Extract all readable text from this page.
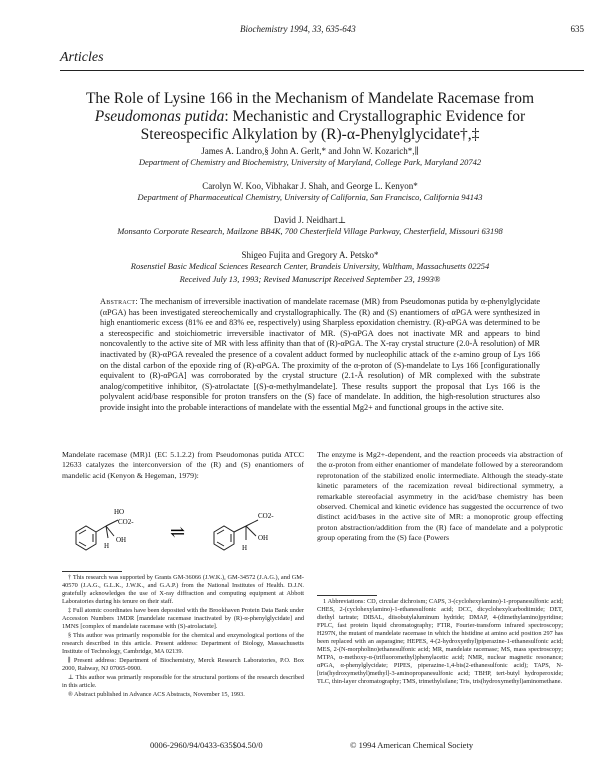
Biochemistry 1994, 33, 635-643	635
Articles
The Role of Lysine 166 in the Mechanism of Mandelate Racemase from
Pseudomonas putida: Mechanistic and Crystallographic Evidence for
Stereospecific Alkylation by (R)-α-Phenylglycidate†,‡
James A. Landro,§ John A. Gerlt,* and John W. Kozarich*,∥
Department of Chemistry and Biochemistry, University of Maryland, College Park, Maryland 20742
Carolyn W. Koo, Vibhakar J. Shah, and George L. Kenyon*
Department of Pharmaceutical Chemistry, University of California, San Francisco, California 94143
David J. Neidhart⊥
Monsanto Corporate Research, Mailzone BB4K, 700 Chesterfield Village Parkway, Chesterfield, Missouri 63198
Shigeo Fujita and Gregory A. Petsko*
Rosenstiel Basic Medical Sciences Research Center, Brandeis University, Waltham, Massachusetts 02254
Received July 13, 1993; Revised Manuscript Received September 23, 1993®
Abstract: The mechanism of irreversible inactivation of mandelate racemase (MR) from Pseudomonas putida by α-phenylglycidate (αPGA) has been investigated stereochemically and crystallographically. The (R) and (S) enantiomers of αPGA were synthesized in high enantiomeric excess (81% ee and 83% ee, respectively) using Sharpless epoxidation chemistry. (R)-αPGA was determined to be a stereospecific and stoichiometric irreversible inactivator of MR. (S)-αPGA does not inactivate MR and appears to bind noncovalently to the active site of MR with less affinity than that of (R)-αPGA. The X-ray crystal structure (2.0-Å resolution) of MR inactivated by (R)-αPGA revealed the presence of a covalent adduct formed by nucleophilic attack of the ε-amino group of Lys 166 on the distal carbon of the epoxide ring of (R)-αPGA. The proximity of the α-proton of (S)-mandelate to Lys 166 [configurationally equivalent to (R)-αPGA] was corroborated by the crystal structure (2.1-Å resolution) of MR complexed with the substrate analog/competitive inhibitor, (S)-atrolactate [(S)-α-methylmandelate]. These results support the proposal that Lys 166 is the polyvalent acid/base responsible for proton transfers on the (S) face of mandelate. In addition, the high-resolution structures also provide insight into the probable interactions of mandelate with the essential Mg2+ and functional groups in the active site.
Mandelate racemase (MR)1 (EC 5.1.2.2) from Pseudomonas putida ATCC 12633 catalyzes the interconversion of the (R) and (S) enantiomers of mandelic acid (Kenyon & Hegeman, 1979):
HO
CO2-
OH
H
⇌
CO2-
OH
H
The enzyme is Mg2+-dependent, and the reaction proceeds via abstraction of the α-proton from either enantiomer of mandelate followed by a stereorandom reprotonation of the stabilized enolic intermediate. Although the steady-state kinetic parameters of the racemization reveal bidirectional symmetry, a remarkable stereofacial asymmetry in the acid/base chemistry has been observed. Chemical and kinetic evidence has suggested the occurrence of two distinct acid/bases in the active site of MR: a monoprotic group effecting proton abstraction/addition from the (R) face of mandelate and a polyprotic group operating from the (S) face (Powers

† This research was supported by Grants GM-36066 (J.W.K.), GM-34572 (J.A.G.), and GM-40570 (J.A.G., G.L.K., J.W.K., and G.A.P.) from the National Institutes of Health. D.J.N. gratefully acknowledges the use of X-ray diffraction and computing equipment at Abbott Laboratories during his tenure on their staff.

‡ Full atomic coordinates have been deposited with the Brookhaven Protein Data Bank under Accession Numbers 1MDR [mandelate racemase inactivated by (R)-α-phenylglycidate] and 1MNS [complex of mandelate racemase with (S)-atrolactate].

§ This author was primarily responsible for the chemical and enzymological portions of the research described in this article. Present address: Department of Biology, Massachusetts Institute of Technology, Cambridge, MA 02139.

∥ Present address: Department of Biochemistry, Merck Research Laboratories, P.O. Box 2000, Rahway, NJ 07065-0900.

⊥ This author was primarily responsible for the structural portions of the research described in this article.

® Abstract published in Advance ACS Abstracts, November 15, 1993.

1 Abbreviations: CD, circular dichroism; CAPS, 3-(cyclohexylamino)-1-propanesulfonic acid; CHES, 2-(cyclohexylamino)-1-ethanesulfonic acid; DCC, dicyclohexylcarbodiimide; DET, diethyl tartrate; DIBAL, diisobutylaluminum hydride; DMAP, 4-(dimethylamino)pyridine; FPLC, fast protein liquid chromatography; FTIR, Fourier-transform infrared spectroscopy; H297N, the mutant of mandelate racemase in which the histidine at amino acid position 297 has been replaced with an asparagine; HEPES, 4-(2-hydroxyethyl)piperazine-1-ethanesulfonic acid; MES, 2-(N-morpholino)ethanesulfonic acid; MR, mandelate racemase; MS, mass spectroscopy; MTPA, α-methoxy-α-(trifluoromethyl)phenylacetic acid; NMR, nuclear magnetic resonance; αPGA, α-phenylglycidate; PIPES, piperazine-1,4-bis(2-ethanesulfonic acid); TAPS, N-[tris(hydroxymethyl)methyl]-3-aminopropanesulfonic acid; TBHP, tert-butyl hydroperoxide; TLC, thin-layer chromatography; TMS, trimethylsilane; Tris, tris(hydroxymethyl)aminomethane.

0006-2960/94/0433-635$04.50/0	© 1994 American Chemical Society
